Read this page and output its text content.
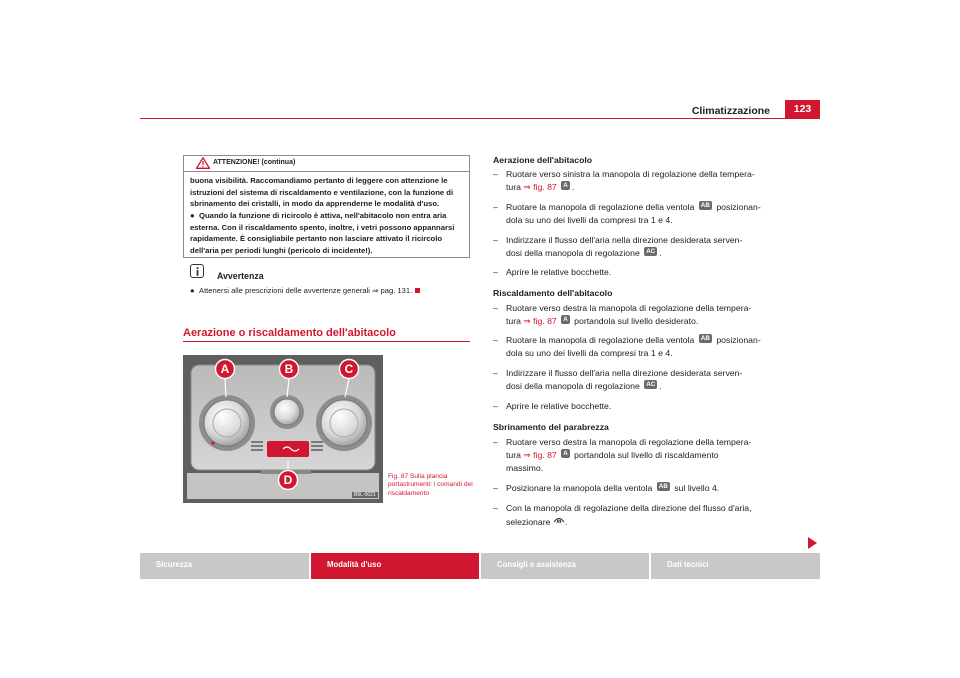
Climatizzazione	123
ATTENZIONE! (continua)
buona visibilità. Raccomandiamo pertanto di leggere con attenzione le
istruzioni del sistema di riscaldamento e ventilazione, con la funzione di
sbrinamento dei cristalli, in modo da apprenderne le modalità d'uso.
● Quando la funzione di ricircolo è attiva, nell'abitacolo non entra aria
esterna. Con il riscaldamento spento, inoltre, i vetri possono appannarsi
rapidamente. È consigliabile pertanto non lasciare attivato il ricircolo
dell'aria per periodi lunghi (pericolo di incidente!).
Avvertenza
● Attenersi alle prescrizioni delle avvertenze generali ⇒ pag. 131.
Aerazione o riscaldamento dell'abitacolo
A	B	C
D
B6L-0021
Fig. 87 Sulla plancia portastrumenti: i comandi del riscaldamento
Aerazione dell'abitacolo
– Ruotare verso sinistra la manopola di regolazione della tempera-
tura ⇒ fig. 87 A .
– Ruotare la manopola di regolazione della ventola AB posizionan-
dola su uno dei livelli da compresi tra 1 e 4.
– Indirizzare il flusso dell'aria nella direzione desiderata serven-
dosi della manopola di regolazione AC .
– Aprire le relative bocchette.
Riscaldamento dell'abitacolo
– Ruotare verso destra la manopola di regolazione della tempera-
tura ⇒ fig. 87 A portandola sul livello desiderato.
– Ruotare la manopola di regolazione della ventola AB posizionan-
dola su uno dei livelli da compresi tra 1 e 4.
– Indirizzare il flusso dell'aria nella direzione desiderata serven-
dosi della manopola di regolazione AC .
– Aprire le relative bocchette.
Sbrinamento del parabrezza
– Ruotare verso destra la manopola di regolazione della tempera-
tura ⇒ fig. 87 A portandola sul livello di riscaldamento
massimo.
– Posizionare la manopola della ventola AB sul livello 4.
– Con la manopola di regolazione della direzione del flusso d'aria,
selezionare .
Sicurezza	Modalità d'uso	Consigli e assistenza	Dati tecnici
